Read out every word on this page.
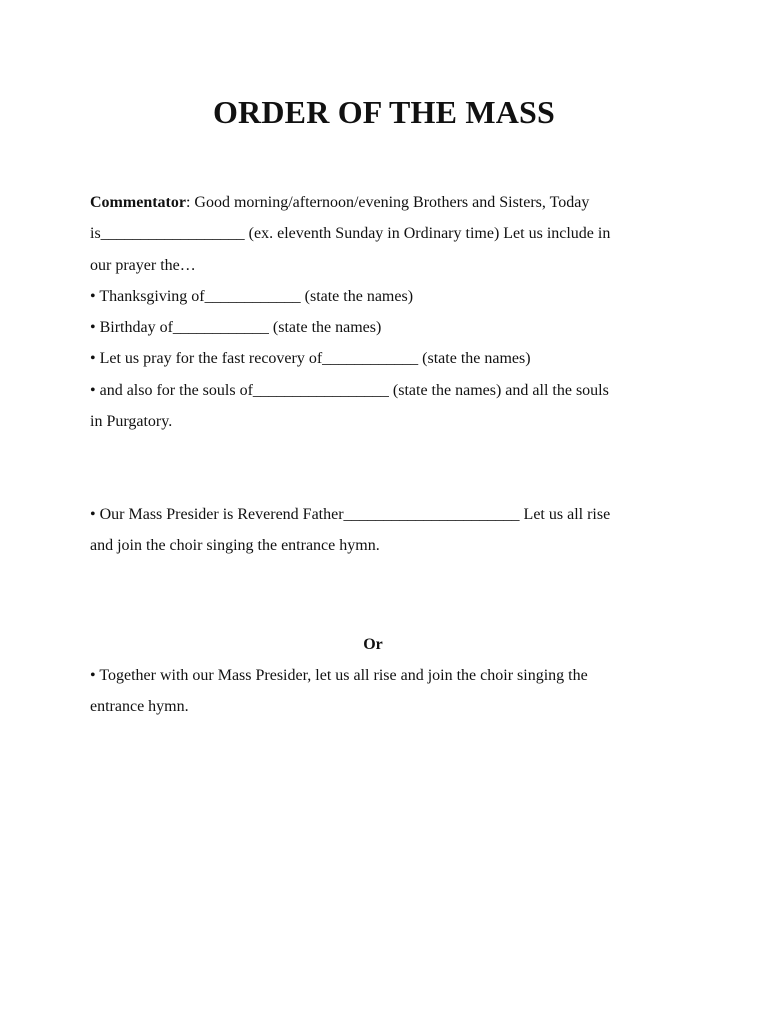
ORDER OF THE MASS

Commentator: Good morning/afternoon/evening Brothers and Sisters, Today

is__________________ (ex. eleventh Sunday in Ordinary time) Let us include in

our prayer the…

• Thanksgiving of____________ (state the names)

• Birthday of____________ (state the names)

• Let us pray for the fast recovery of____________ (state the names)

• and also for the souls of_________________ (state the names) and all the souls

in Purgatory.

• Our Mass Presider is Reverend Father______________________ Let us all rise

and join the choir singing the entrance hymn.

Or

• Together with our Mass Presider, let us all rise and join the choir singing the

entrance hymn.
